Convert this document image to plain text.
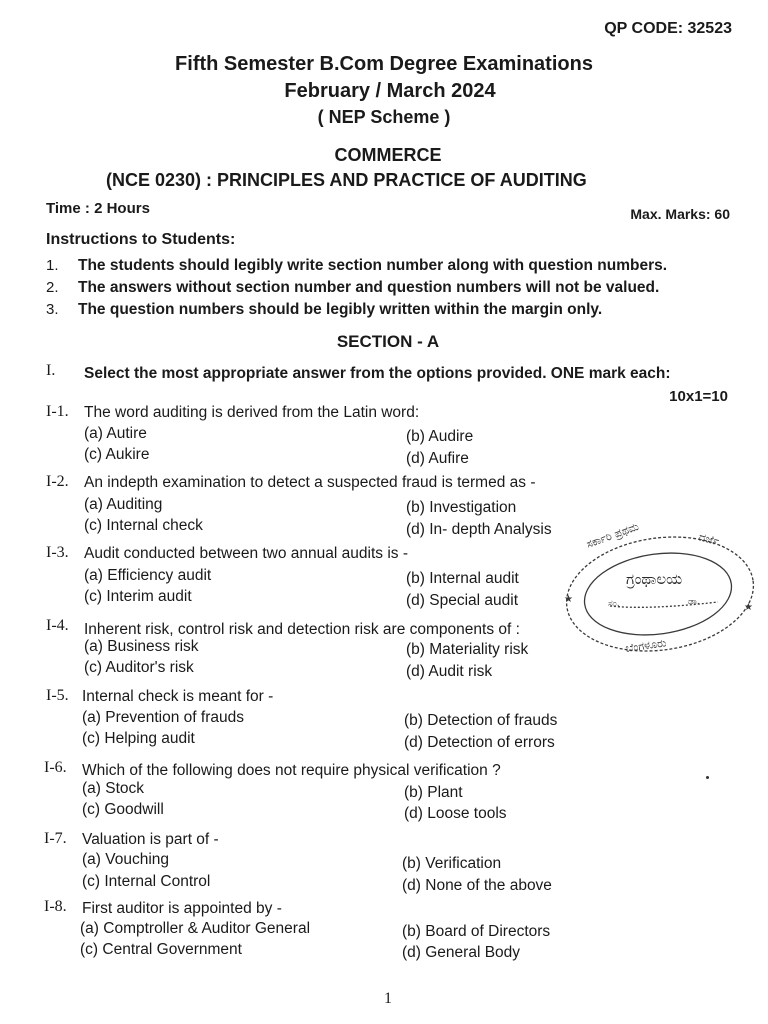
QP CODE: 32523
Fifth Semester B.Com Degree Examinations
February / March 2024
( NEP Scheme )
COMMERCE
(NCE 0230) : PRINCIPLES AND PRACTICE OF AUDITING
Time : 2 Hours	Max. Marks: 60
Instructions to Students:
1. The students should legibly write section number along with question numbers.
2. The answers without section number and question numbers will not be valued.
3. The question numbers should be legibly written within the margin only.
SECTION - A
I. Select the most appropriate answer from the options provided. ONE mark each:
10x1=10
I-1. The word auditing is derived from the Latin word:
(a) Autire	(b) Audire
(c) Aukire	(d) Aufire
I-2. An indepth examination to detect a suspected fraud is termed as -
(a) Auditing	(b) Investigation
(c) Internal check	(d) In- depth Analysis
I-3. Audit conducted between two annual audits is -
(a) Efficiency audit	(b) Internal audit
(c) Interim audit	(d) Special audit
I-4. Inherent risk, control risk and detection risk are components of :
(a) Business risk	(b) Materiality risk
(c) Auditor's risk	(d) Audit risk
I-5. Internal check is meant for -
(a) Prevention of frauds	(b) Detection of frauds
(c) Helping audit	(d) Detection of errors
I-6. Which of the following does not require physical verification ?
(a) Stock	(b) Plant
(c) Goodwill	(d) Loose tools
I-7. Valuation is part of -
(a) Vouching	(b) Verification
(c) Internal Control	(d) None of the above
I-8. First auditor is appointed by -
(a) Comptroller & Auditor General	(b) Board of Directors
(c) Central Government	(d) General Body
ಸರ್ಕಾರಿ ಪ್ರಥಮ	ದರ್ಜೆ
ಬೆಂಗಳೂರು
★
★
ಸಂ.	ಡಾ.
ಗ್ರಂಥಾಲಯ
1
